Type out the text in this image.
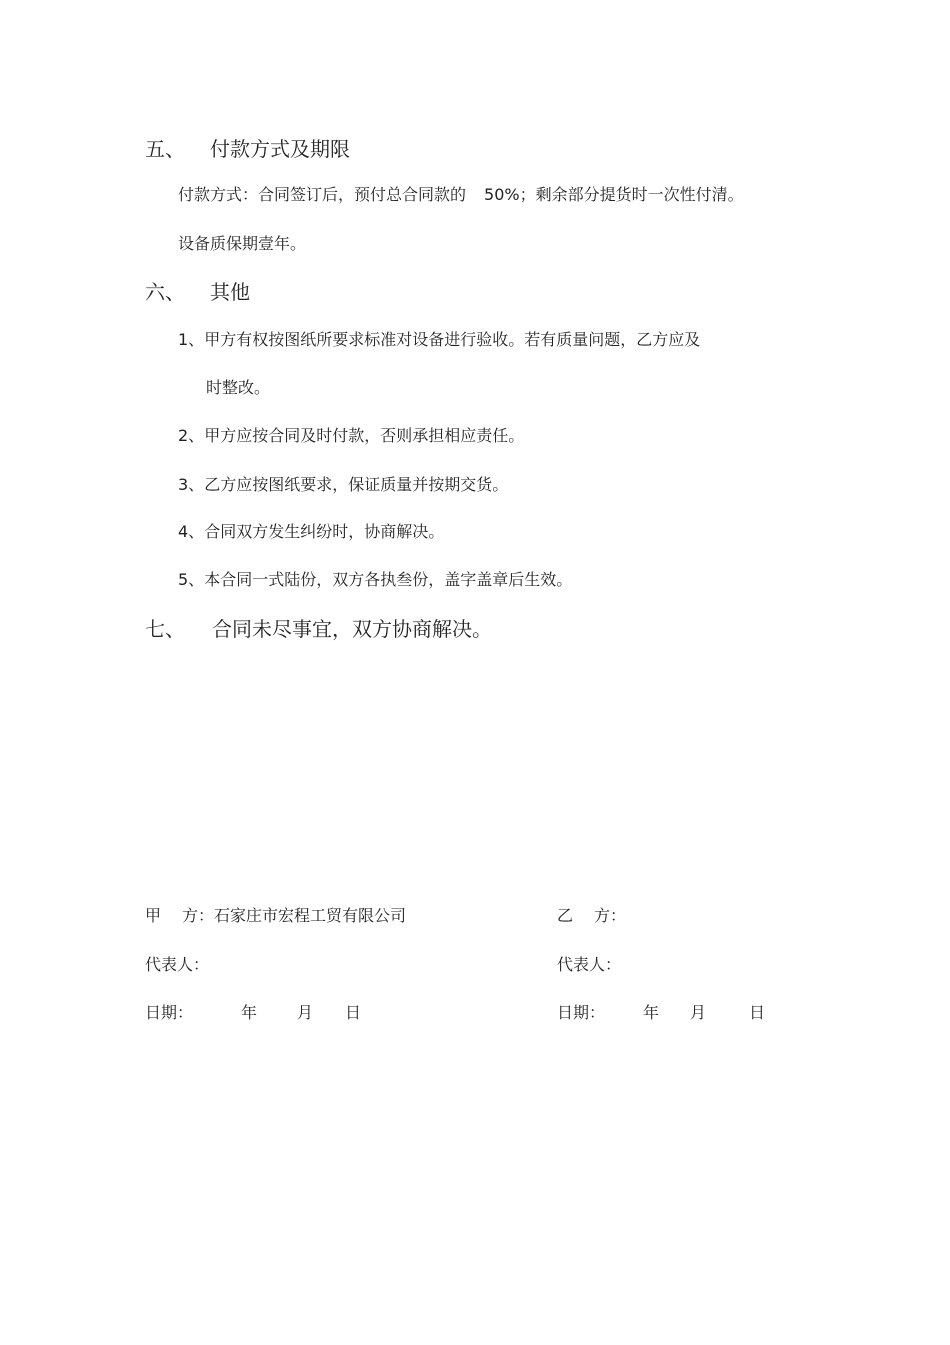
五、 付款方式及期限
付款方式：合同签订后，预付总合同款的 50%；剩余部分提货时一次性付清。
设备质保期壹年。
六、 其他
1、甲方有权按图纸所要求标准对设备进行验收。若有质量问题，乙方应及
时整改。
2、甲方应按合同及时付款，否则承担相应责任。
3、乙方应按图纸要求，保证质量并按期交货。
4、合同双方发生纠纷时，协商解决。
5、本合同一式陆份，双方各执叁份，盖字盖章后生效。
七、 合同未尽事宜，双方协商解决。
甲 方：石家庄市宏程工贸有限公司
代表人：
日期：	年 月 日
乙 方：
代表人：
日期： 年 月	日
